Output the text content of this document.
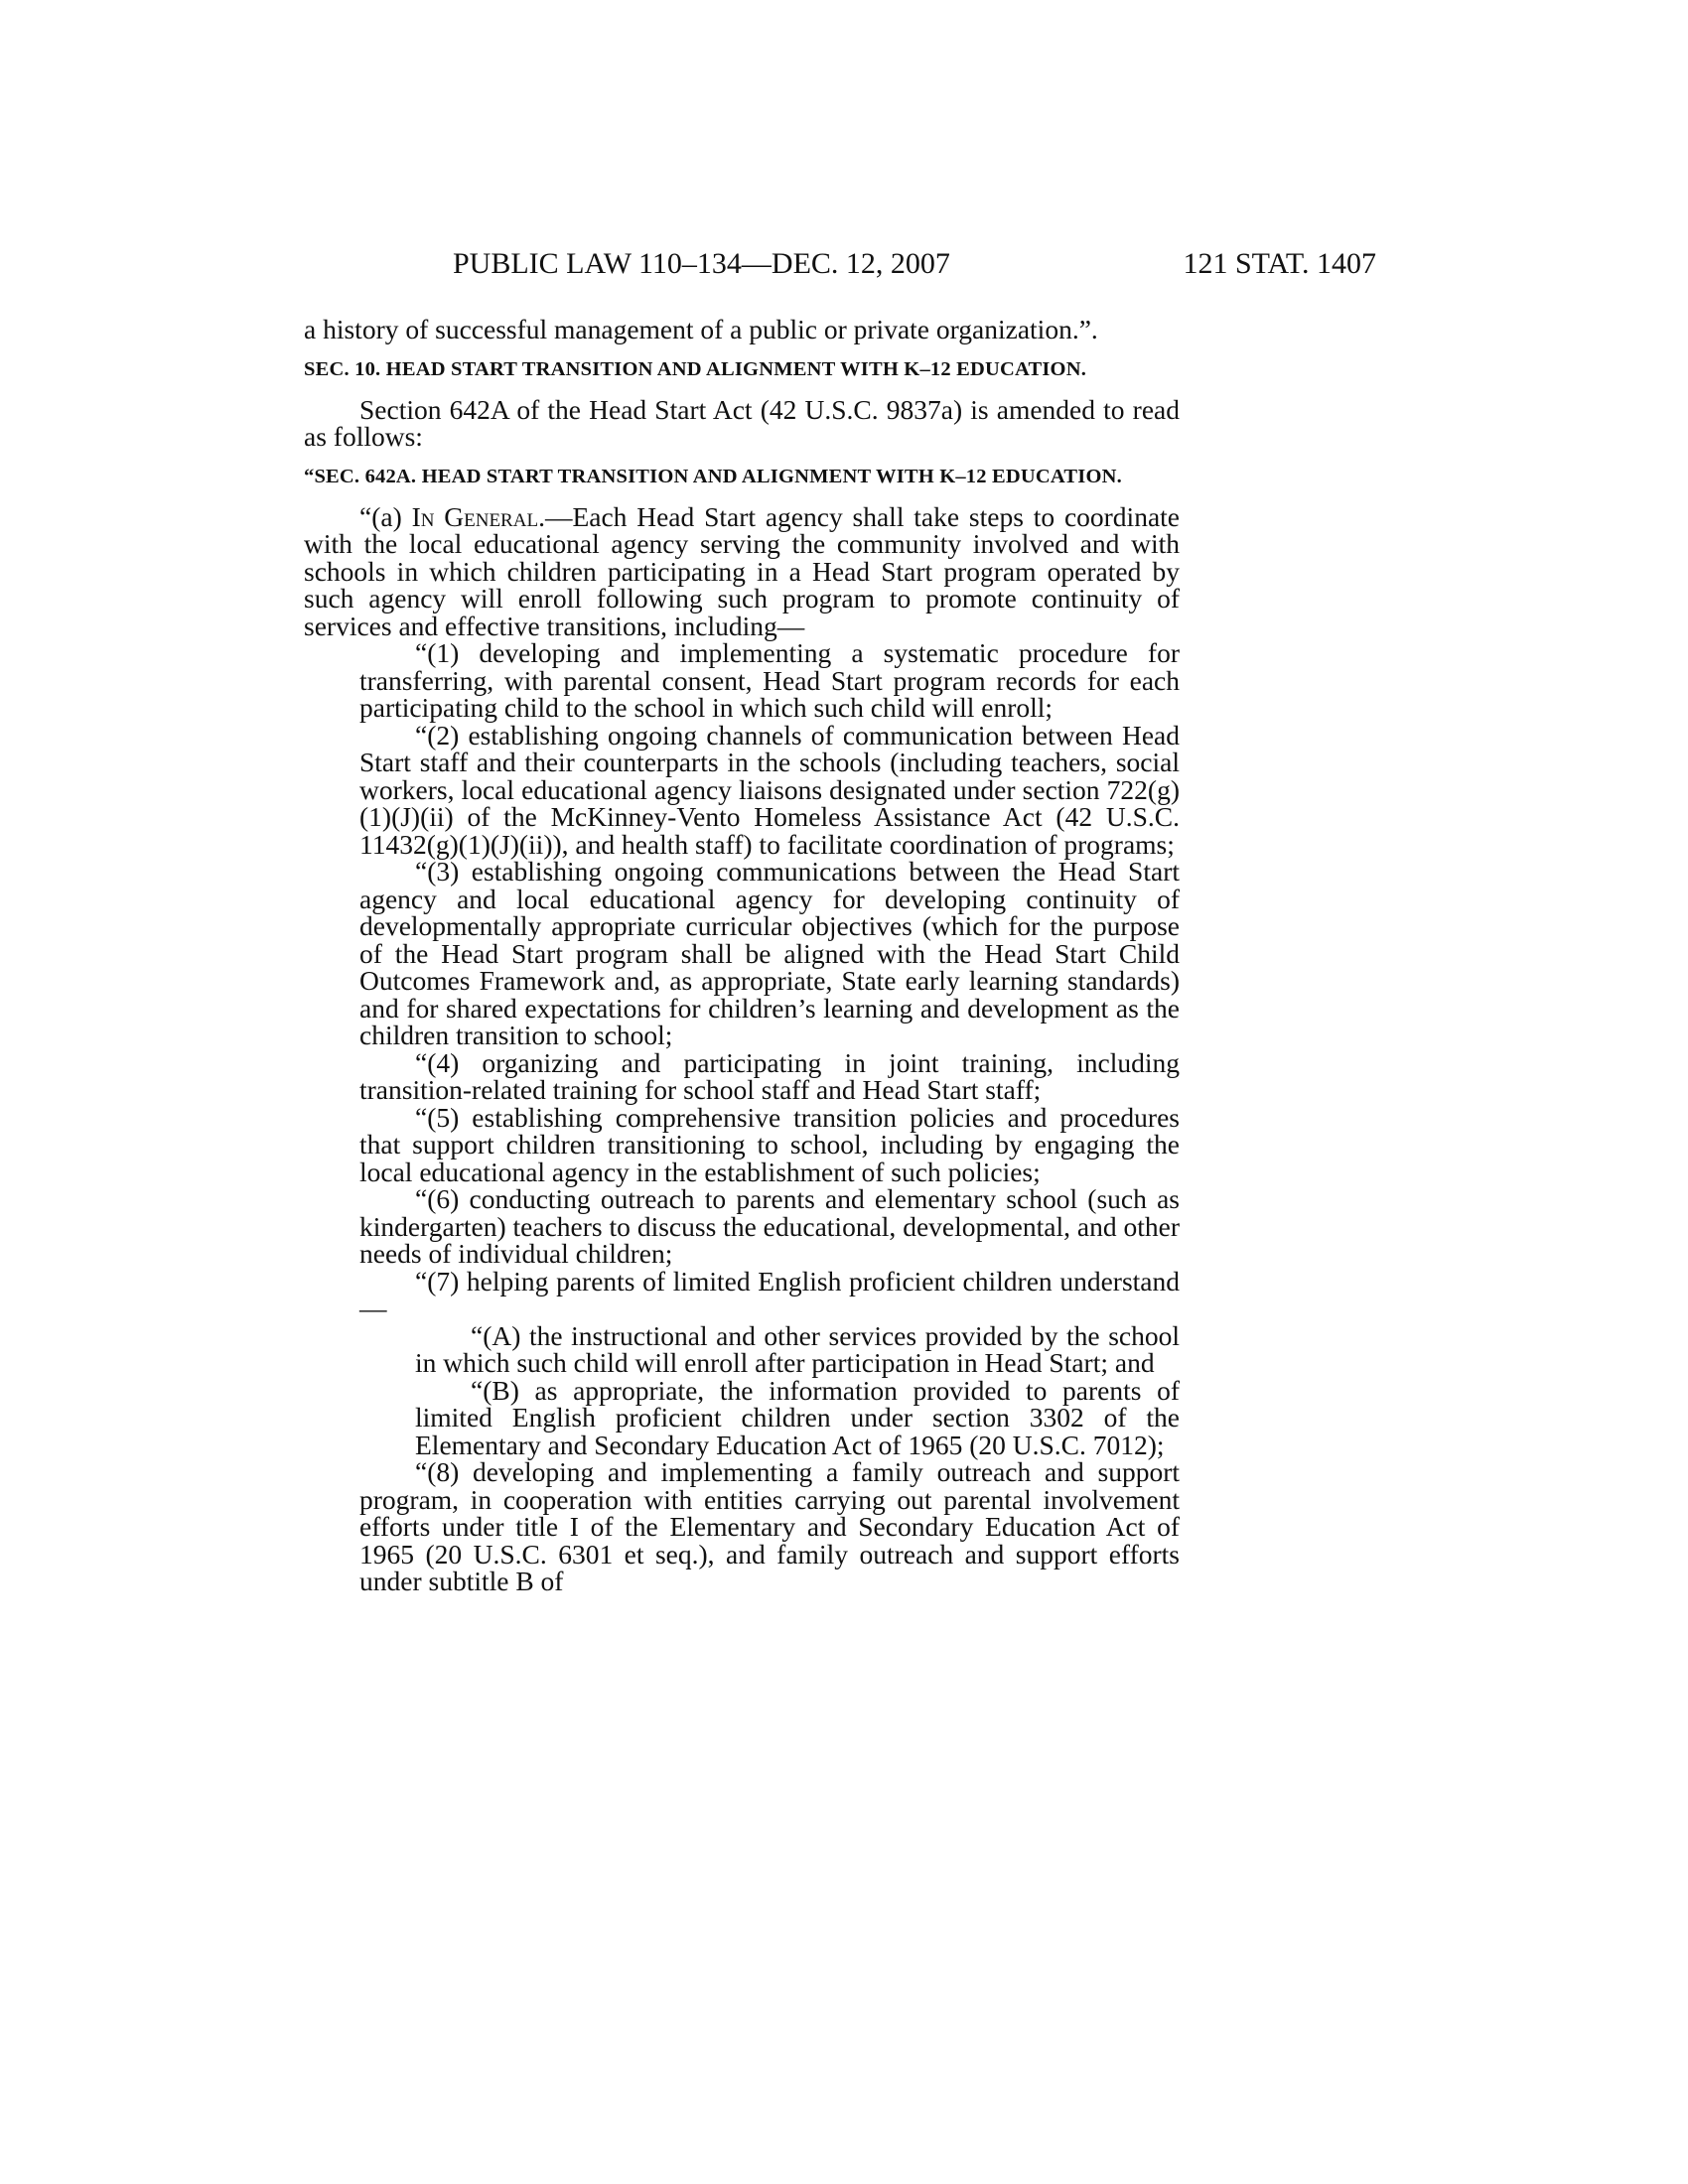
PUBLIC LAW 110–134—DEC. 12, 2007	121 STAT. 1407

a history of successful management of a public or private organization.”.

SEC. 10. HEAD START TRANSITION AND ALIGNMENT WITH K–12 EDUCATION.

Section 642A of the Head Start Act (42 U.S.C. 9837a) is amended to read as follows:

“SEC. 642A. HEAD START TRANSITION AND ALIGNMENT WITH K–12 EDUCATION.

“(a) In General.—Each Head Start agency shall take steps to coordinate with the local educational agency serving the community involved and with schools in which children participating in a Head Start program operated by such agency will enroll following such program to promote continuity of services and effective transitions, including—

“(1) developing and implementing a systematic procedure for transferring, with parental consent, Head Start program records for each participating child to the school in which such child will enroll;

“(2) establishing ongoing channels of communication between Head Start staff and their counterparts in the schools (including teachers, social workers, local educational agency liaisons designated under section 722(g)(1)(J)(ii) of the McKinney-Vento Homeless Assistance Act (42 U.S.C. 11432(g)(1)(J)(ii)), and health staff) to facilitate coordination of programs;

“(3) establishing ongoing communications between the Head Start agency and local educational agency for developing continuity of developmentally appropriate curricular objectives (which for the purpose of the Head Start program shall be aligned with the Head Start Child Outcomes Framework and, as appropriate, State early learning standards) and for shared expectations for children’s learning and development as the children transition to school;

“(4) organizing and participating in joint training, including transition-related training for school staff and Head Start staff;

“(5) establishing comprehensive transition policies and procedures that support children transitioning to school, including by engaging the local educational agency in the establishment of such policies;

“(6) conducting outreach to parents and elementary school (such as kindergarten) teachers to discuss the educational, developmental, and other needs of individual children;

“(7) helping parents of limited English proficient children understand—

“(A) the instructional and other services provided by the school in which such child will enroll after participation in Head Start; and

“(B) as appropriate, the information provided to parents of limited English proficient children under section 3302 of the Elementary and Secondary Education Act of 1965 (20 U.S.C. 7012);

“(8) developing and implementing a family outreach and support program, in cooperation with entities carrying out parental involvement efforts under title I of the Elementary and Secondary Education Act of 1965 (20 U.S.C. 6301 et seq.), and family outreach and support efforts under subtitle B of
